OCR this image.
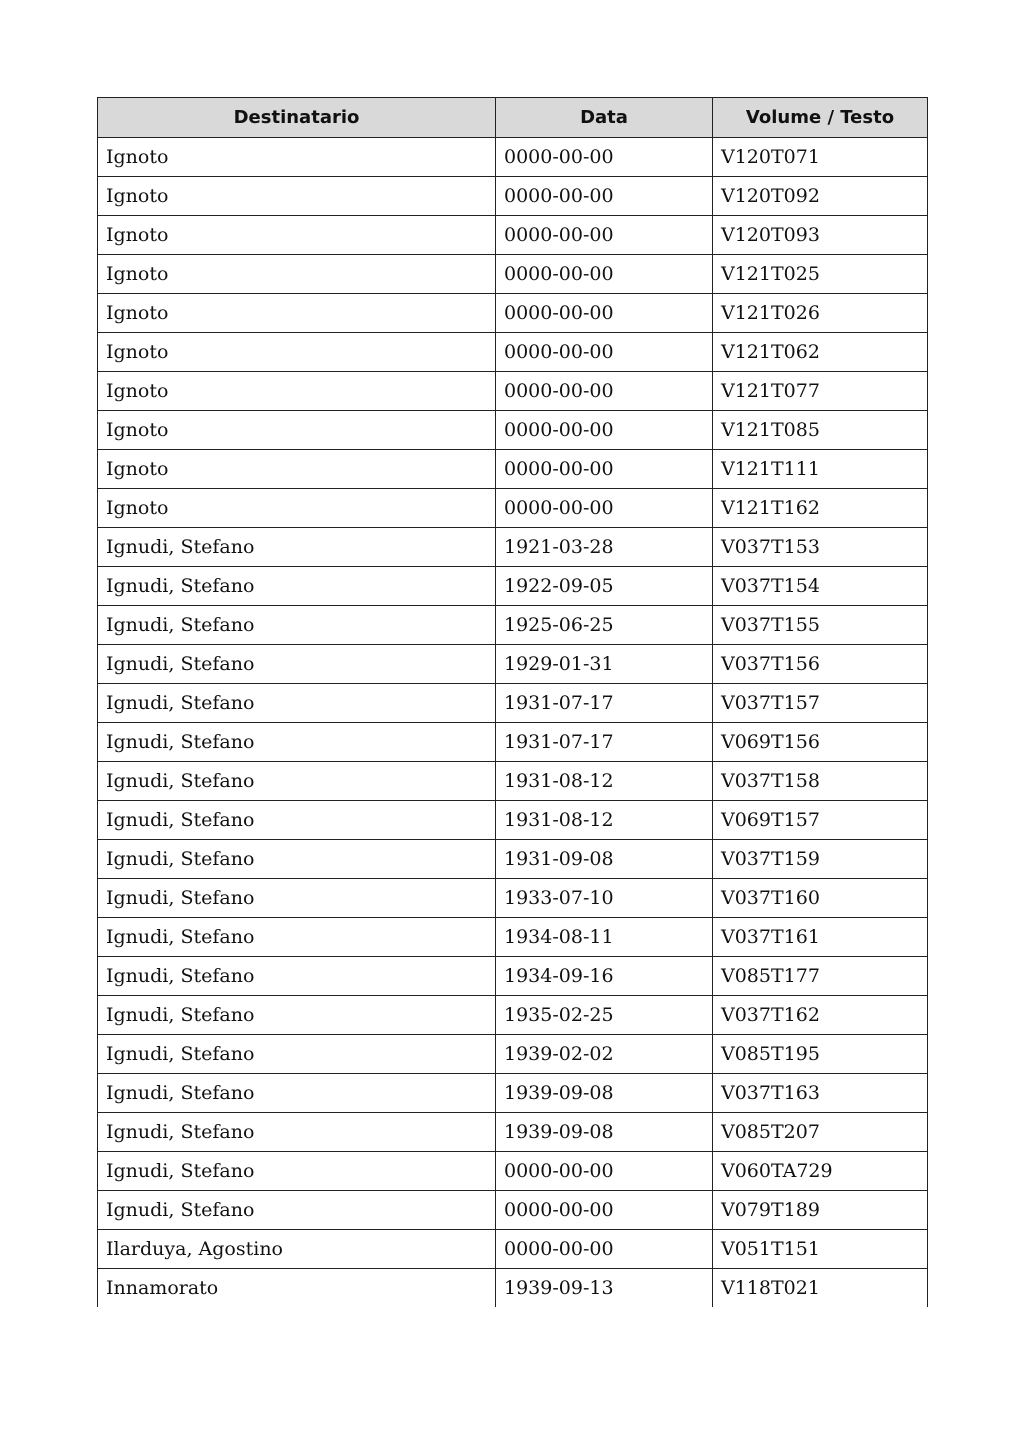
Destinatario	Data	Volume / Testo
Ignoto	0000-00-00	V120T071
Ignoto	0000-00-00	V120T092
Ignoto	0000-00-00	V120T093
Ignoto	0000-00-00	V121T025
Ignoto	0000-00-00	V121T026
Ignoto	0000-00-00	V121T062
Ignoto	0000-00-00	V121T077
Ignoto	0000-00-00	V121T085
Ignoto	0000-00-00	V121T111
Ignoto	0000-00-00	V121T162
Ignudi, Stefano	1921-03-28	V037T153
Ignudi, Stefano	1922-09-05	V037T154
Ignudi, Stefano	1925-06-25	V037T155
Ignudi, Stefano	1929-01-31	V037T156
Ignudi, Stefano	1931-07-17	V037T157
Ignudi, Stefano	1931-07-17	V069T156
Ignudi, Stefano	1931-08-12	V037T158
Ignudi, Stefano	1931-08-12	V069T157
Ignudi, Stefano	1931-09-08	V037T159
Ignudi, Stefano	1933-07-10	V037T160
Ignudi, Stefano	1934-08-11	V037T161
Ignudi, Stefano	1934-09-16	V085T177
Ignudi, Stefano	1935-02-25	V037T162
Ignudi, Stefano	1939-02-02	V085T195
Ignudi, Stefano	1939-09-08	V037T163
Ignudi, Stefano	1939-09-08	V085T207
Ignudi, Stefano	0000-00-00	V060TA729
Ignudi, Stefano	0000-00-00	V079T189
Ilarduya, Agostino	0000-00-00	V051T151
Innamorato	1939-09-13	V118T021
